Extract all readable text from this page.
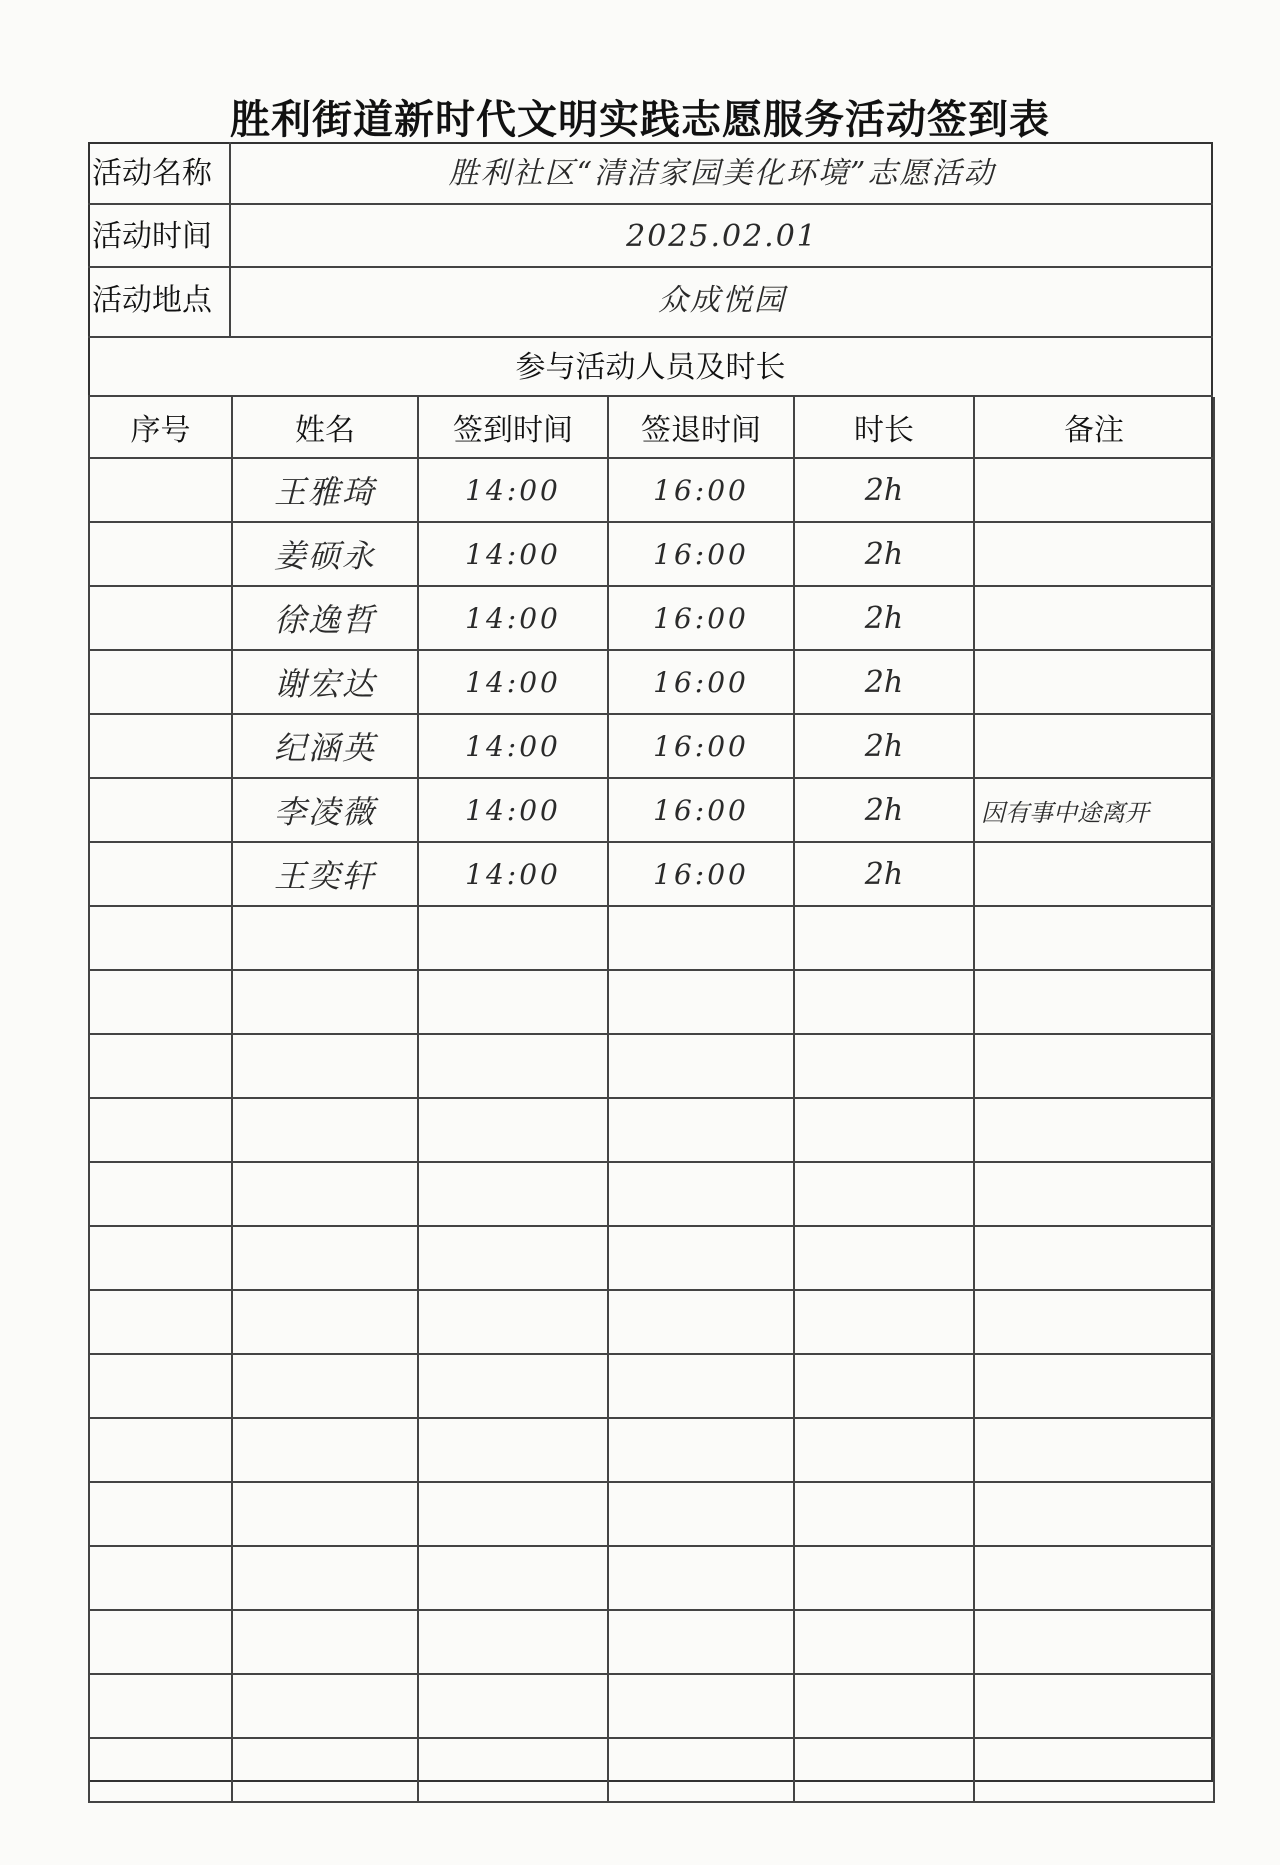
胜利街道新时代文明实践志愿服务活动签到表
活动名称	胜利社区“清洁家园美化环境”志愿活动
活动时间	2025.02.01
活动地点	众成悦园
参与活动人员及时长
序号	姓名	签到时间	签退时间	时长	备注
	王雅琦	14:00	16:00	2h	
	姜硕永	14:00	16:00	2h	
	徐逸哲	14:00	16:00	2h	
	谢宏达	14:00	16:00	2h	
	纪涵英	14:00	16:00	2h	
	李凌薇	14:00	16:00	2h	因有事中途离开
	王奕轩	14:00	16:00	2h	
